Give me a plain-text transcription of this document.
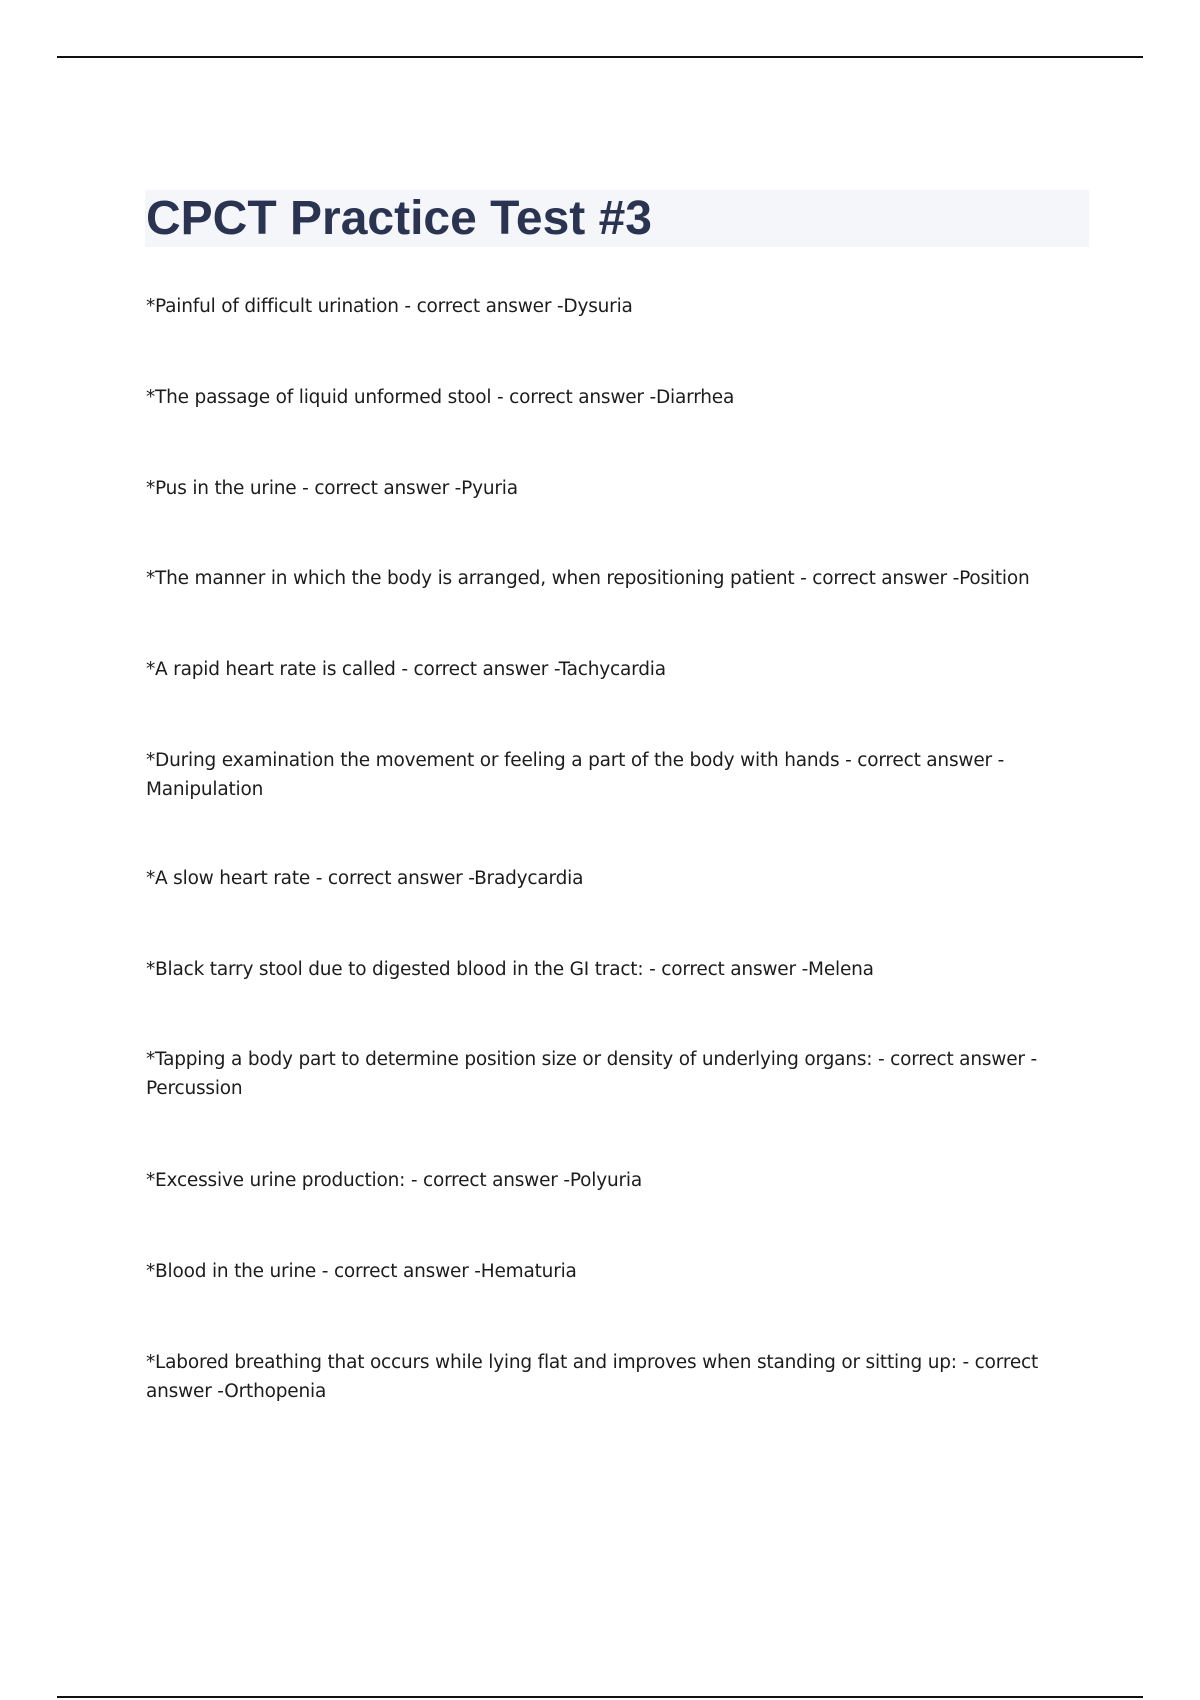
CPCT Practice Test #3

*Painful of difficult urination - correct answer -Dysuria

*The passage of liquid unformed stool - correct answer -Diarrhea

*Pus in the urine - correct answer -Pyuria

*The manner in which the body is arranged, when repositioning patient - correct answer -Position

*A rapid heart rate is called - correct answer -Tachycardia

*During examination the movement or feeling a part of the body with hands - correct answer -Manipulation

*A slow heart rate - correct answer -Bradycardia

*Black tarry stool due to digested blood in the GI tract: - correct answer -Melena

*Tapping a body part to determine position size or density of underlying organs: - correct answer -Percussion

*Excessive urine production: - correct answer -Polyuria

*Blood in the urine - correct answer -Hematuria

*Labored breathing that occurs while lying flat and improves when standing or sitting up: - correct answer -Orthopenia
